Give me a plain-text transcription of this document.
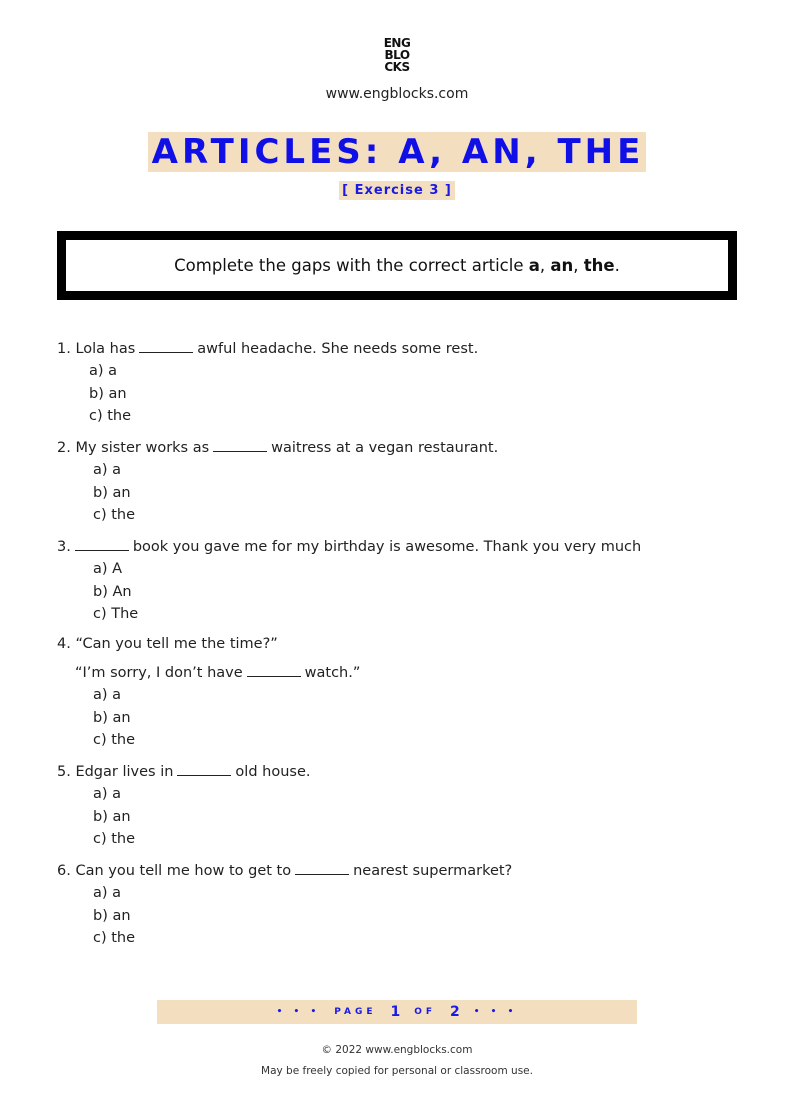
ENG
BLO
CKS
www.engblocks.com
ARTICLES: A, AN, THE
[ Exercise 3 ]
Complete the gaps with the correct article a, an, the.
1. Lola has	awful headache. She needs some rest.
a) a
b) an
c) the
2. My sister works as	waitress at a vegan restaurant.
a) a
b) an
c) the
3.	book you gave me for my birthday is awesome. Thank you very much
a) A
b) An
c) The
4. “Can you tell me the time?”
“I’m sorry, I don’t have	watch.”
a) a
b) an
c) the
5. Edgar lives in	old house.
a) a
b) an
c) the
6. Can you tell me how to get to	nearest supermarket?
a) a
b) an
c) the
• • • PAGE 1 OF 2 • • •
© 2022 www.engblocks.com
May be freely copied for personal or classroom use.
